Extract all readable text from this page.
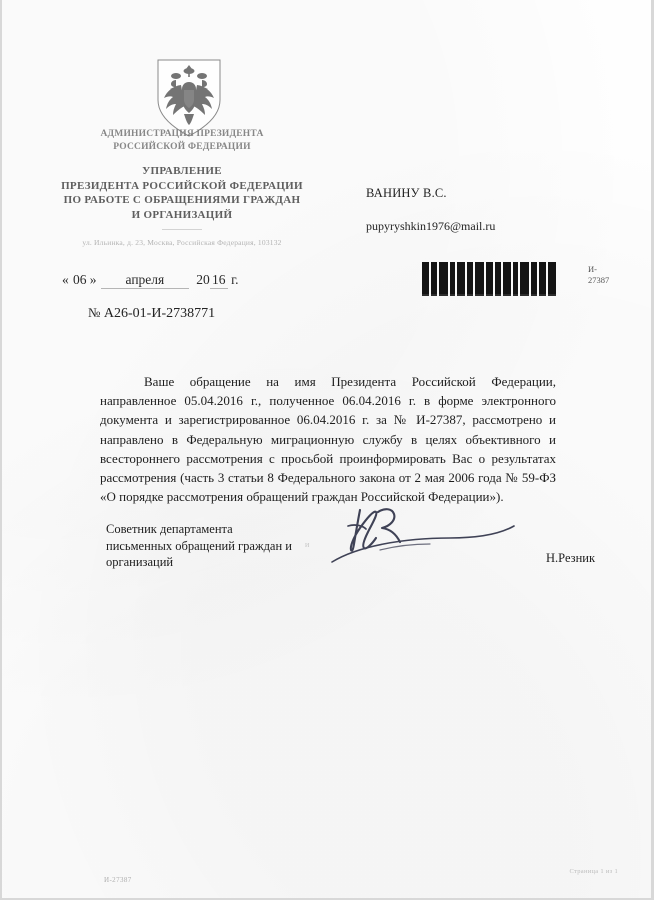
АДМИНИСТРАЦИЯ ПРЕЗИДЕНТА
РОССИЙСКОЙ ФЕДЕРАЦИИ
УПРАВЛЕНИЕ
ПРЕЗИДЕНТА РОССИЙСКОЙ ФЕДЕРАЦИИ
ПО РАБОТЕ С ОБРАЩЕНИЯМИ ГРАЖДАН
И ОРГАНИЗАЦИЙ
ул. Ильинка, д. 23, Москва, Российская Федерация, 103132
ВАНИНУ В.С.
pupyryshkin1976@mail.ru
« 06 » апреля 20 16 г.
№ А26-01-И-2738771
И-
27387
Ваше обращение на имя Президента Российской Федерации, направленное 05.04.2016 г., полученное 06.04.2016 г. в форме электронного документа и зарегистрированное 06.04.2016 г. за № И-27387, рассмотрено и направлено в Федеральную миграционную службу в целях объективного и всестороннего рассмотрения с просьбой проинформировать Вас о результатах рассмотрения (часть 3 статьи 8 Федерального закона от 2 мая 2006 года № 59-ФЗ «О порядке рассмотрения обращений граждан Российской Федерации»).
Советник департамента
письменных обращений граждан и
организаций
и
Н.Резник
И-27387
Страница 1 из 1
